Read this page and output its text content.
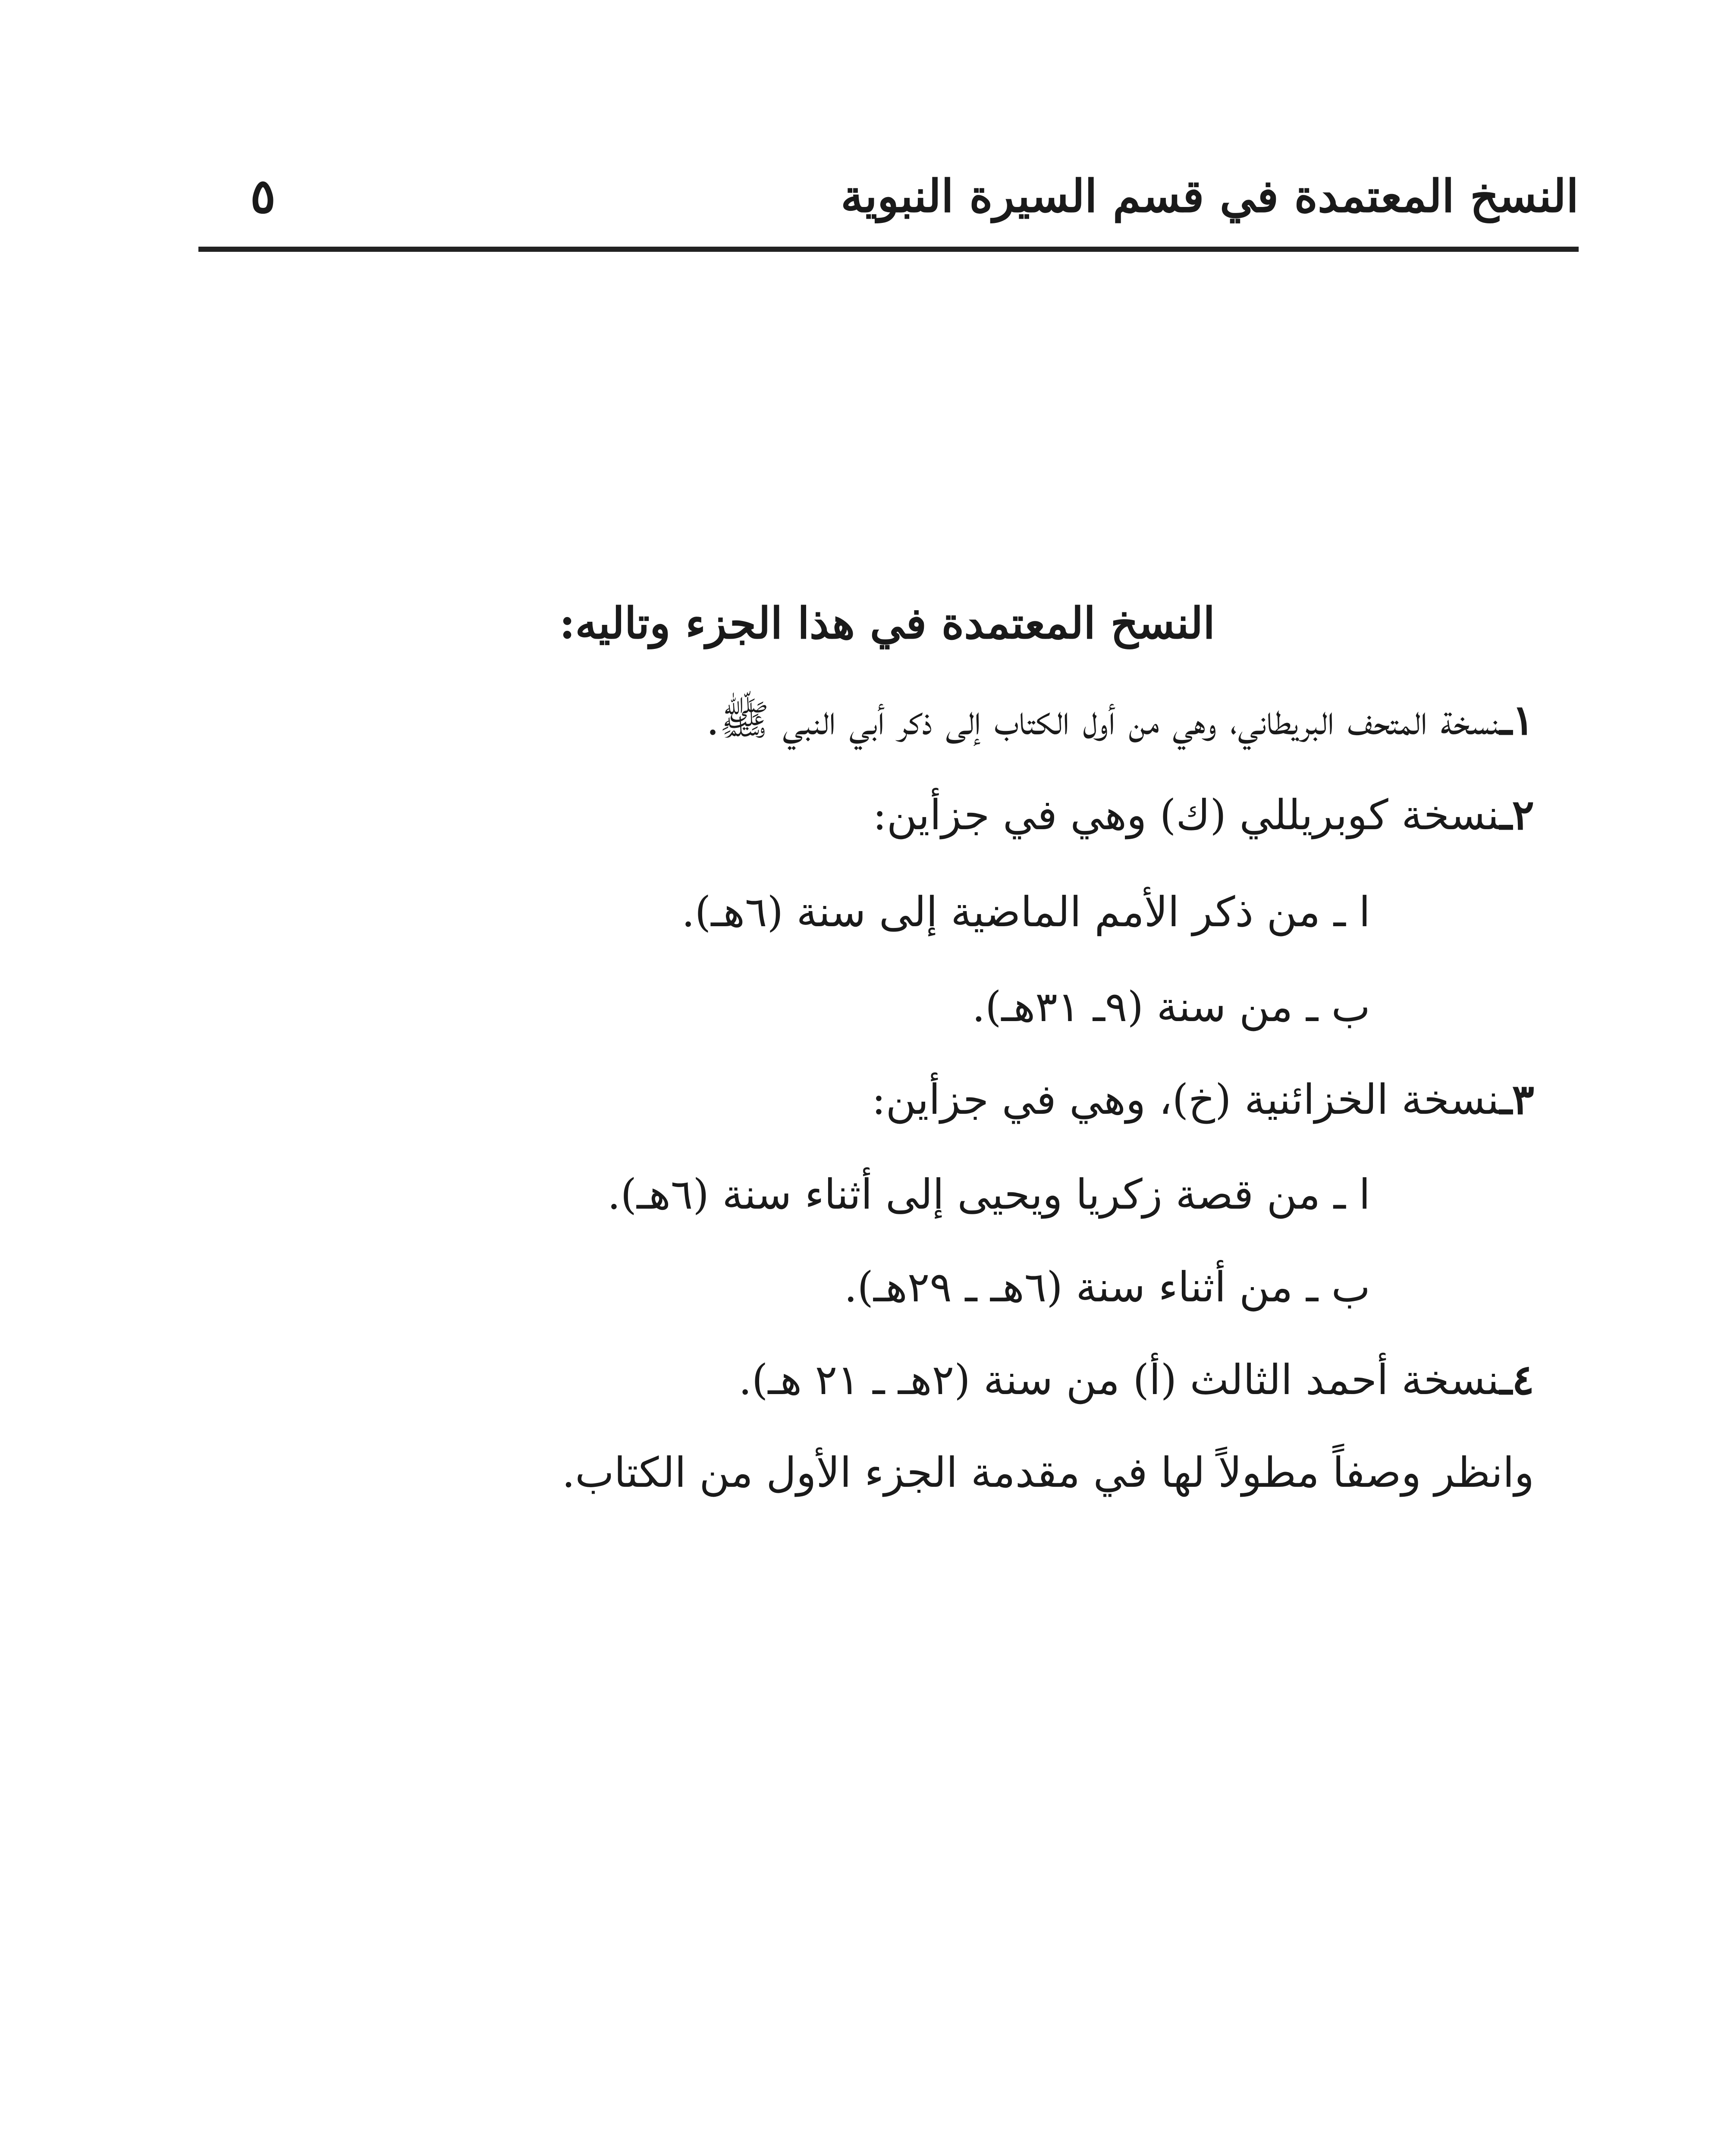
النسخ المعتمدة في قسم السيرة النبوية
٥
النسخ المعتمدة في هذا الجزء وتاليه:
١ـنسخة المتحف البريطاني، وهي من أول الكتاب إلى ذكر أبي النبي ﷺ.
٢ـنسخة كوبريللي (ك) وهي في جزأين:
ا ـ من ذكر الأمم الماضية إلى سنة (٦هـ).
ب ـ من سنة (٩ـ ٣١هـ).
٣ـنسخة الخزائنية (خ)، وهي في جزأين:
ا ـ من قصة زكريا ويحيى إلى أثناء سنة (٦هـ).
ب ـ من أثناء سنة (٦هـ ـ ٢٩هـ).
٤ـنسخة أحمد الثالث (أ) من سنة (٢هـ ـ ٢١ هـ).
وانظر وصفاً مطولاً لها في مقدمة الجزء الأول من الكتاب.
